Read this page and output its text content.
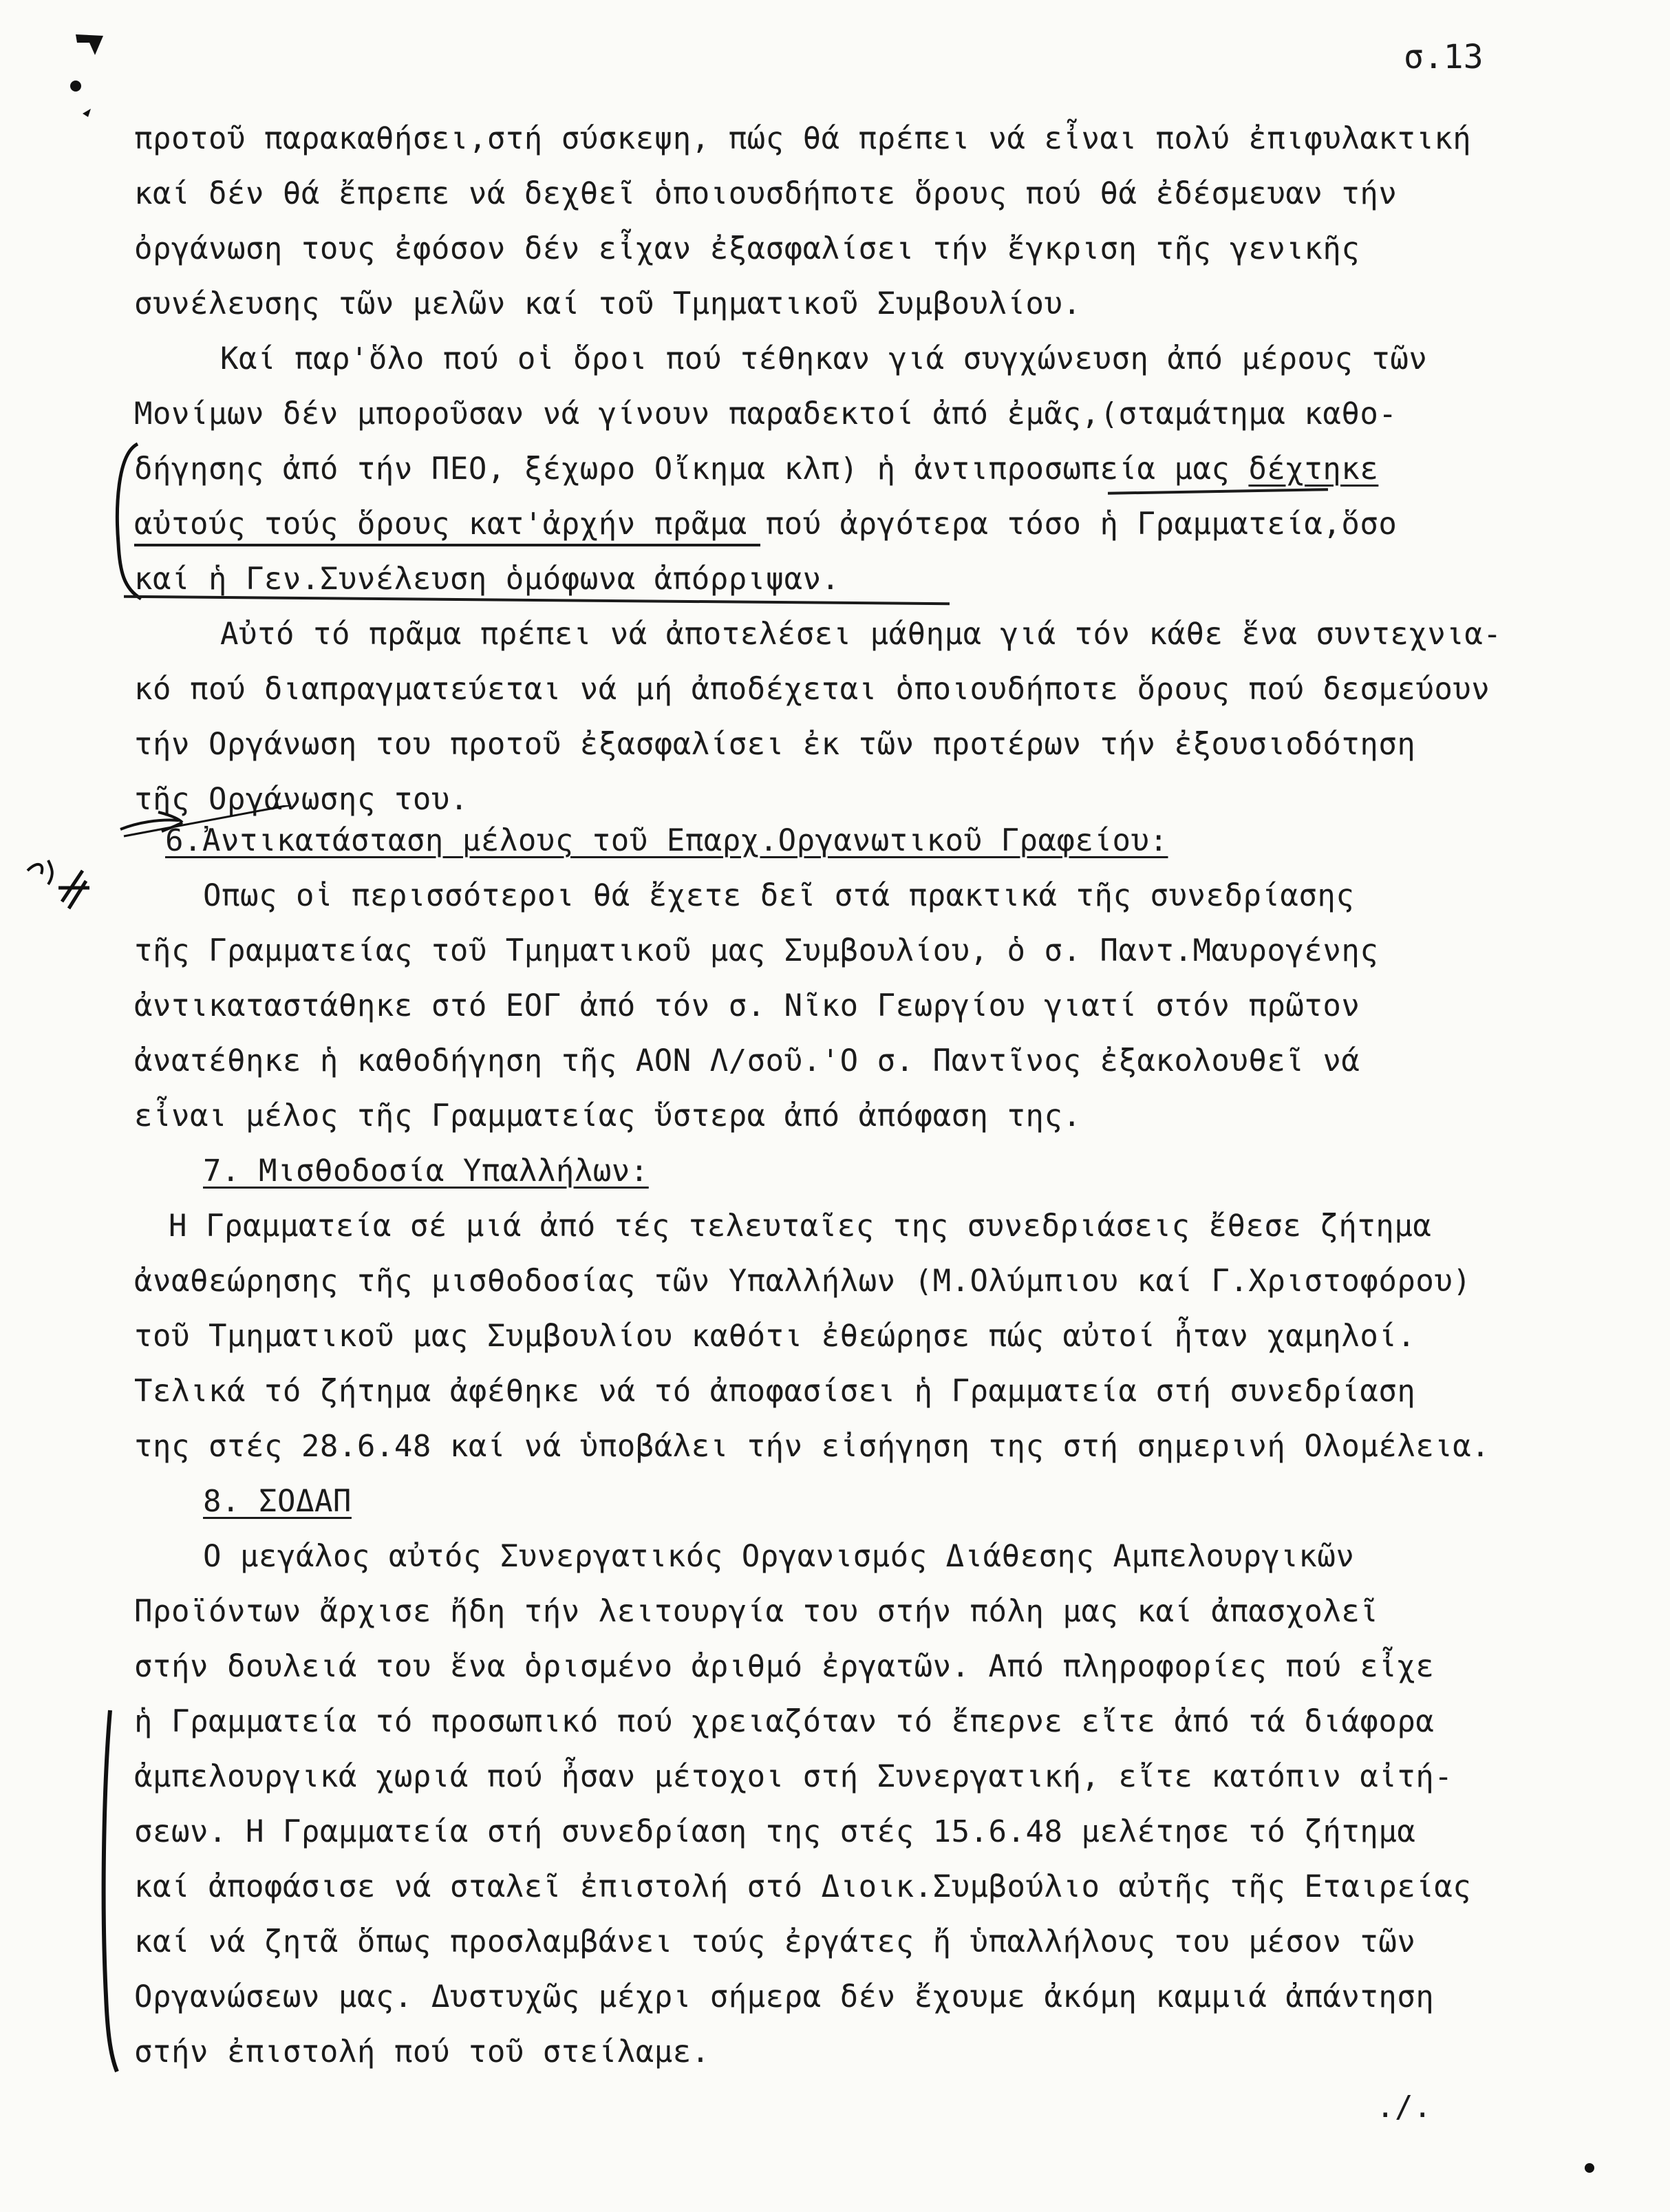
σ.13
προτοῦ παρακαθήσει,στή σύσκεψη, πώς θά πρέπει νά εἶναι πολύ ἐπιφυλακτική
καί δέν θά ἔπρεπε νά δεχθεῖ ὁποιουσδήποτε ὅρους πού θά ἐδέσμευαν τήν
ὀργάνωση τους ἐφόσον δέν εἶχαν ἐξασφαλίσει τήν ἔγκριση τῆς γενικῆς
συνέλευσης τῶν μελῶν καί τοῦ Τμηματικοῦ Συμβουλίου.
Καί παρ'ὅλο πού οἱ ὅροι πού τέθηκαν γιά συγχώνευση ἀπό μέρους τῶν
Μονίμων δέν μποροῦσαν νά γίνουν παραδεκτοί ἀπό ἐμᾶς,(σταμάτημα καθο-
δήγησης ἀπό τήν ΠΕΟ, ξέχωρο Οἴκημα κλπ) ἡ ἀντιπροσωπεία μας δέχτηκε
αὐτούς τούς ὅρους κατ'ἀρχήν πρᾶμα πού ἀργότερα τόσο ἡ Γραμματεία,ὅσο
καί ἡ Γεν.Συνέλευση ὁμόφωνα ἀπόρριψαν.
Αὐτό τό πρᾶμα πρέπει νά ἀποτελέσει μάθημα γιά τόν κάθε ἕνα συντεχνια-
κό πού διαπραγματεύεται νά μή ἀποδέχεται ὁποιουδήποτε ὅρους πού δεσμεύουν
τήν Οργάνωση του προτοῦ ἐξασφαλίσει ἐκ τῶν προτέρων τήν ἐξουσιοδότηση
τῆς Οργάνωσης του.
6.Ἀντικατάσταση μέλους τοῦ Επαρχ.Οργανωτικοῦ Γραφείου:
Οπως οἱ περισσότεροι θά ἔχετε δεῖ στά πρακτικά τῆς συνεδρίασης
τῆς Γραμματείας τοῦ Τμηματικοῦ μας Συμβουλίου, ὁ σ. Παντ.Μαυρογένης
ἀντικαταστάθηκε στό ΕΟΓ ἀπό τόν σ. Νῖκο Γεωργίου γιατί στόν πρῶτον
ἀνατέθηκε ἡ καθοδήγηση τῆς ΑΟΝ Λ/σοῦ.'Ο σ. Παντῖνος ἐξακολουθεῖ νά
εἶναι μέλος τῆς Γραμματείας ὕστερα ἀπό ἀπόφαση της.
7. Μισθοδοσία Υπαλλήλων:
Η Γραμματεία σέ μιά ἀπό τές τελευταῖες της συνεδριάσεις ἔθεσε ζήτημα
ἀναθεώρησης τῆς μισθοδοσίας τῶν Υπαλλήλων (Μ.Ολύμπιου καί Γ.Χριστοφόρου)
τοῦ Τμηματικοῦ μας Συμβουλίου καθότι ἐθεώρησε πώς αὐτοί ἦταν χαμηλοί.
Τελικά τό ζήτημα ἀφέθηκε νά τό ἀποφασίσει ἡ Γραμματεία στή συνεδρίαση
της στές 28.6.48 καί νά ὑποβάλει τήν εἰσήγηση της στή σημερινή Ολομέλεια.
8. ΣΟΔΑΠ
Ο μεγάλος αὐτός Συνεργατικός Οργανισμός Διάθεσης Αμπελουργικῶν
Προϊόντων ἄρχισε ἤδη τήν λειτουργία του στήν πόλη μας καί ἀπασχολεῖ
στήν δουλειά του ἕνα ὁρισμένο ἀριθμό ἐργατῶν. Από πληροφορίες πού εἶχε
ἡ Γραμματεία τό προσωπικό πού χρειαζόταν τό ἔπερνε εἴτε ἀπό τά διάφορα
ἀμπελουργικά χωριά πού ἦσαν μέτοχοι στή Συνεργατική, εἴτε κατόπιν αἰτή-
σεων. Η Γραμματεία στή συνεδρίαση της στές 15.6.48 μελέτησε τό ζήτημα
καί ἀποφάσισε νά σταλεῖ ἐπιστολή στό Διοικ.Συμβούλιο αὐτῆς τῆς Εταιρείας
καί νά ζητᾶ ὅπως προσλαμβάνει τούς ἐργάτες ἤ ὑπαλλήλους του μέσον τῶν
Οργανώσεων μας. Δυστυχῶς μέχρι σήμερα δέν ἔχουμε ἀκόμη καμμιά ἀπάντηση
στήν ἐπιστολή πού τοῦ στείλαμε.
./.
